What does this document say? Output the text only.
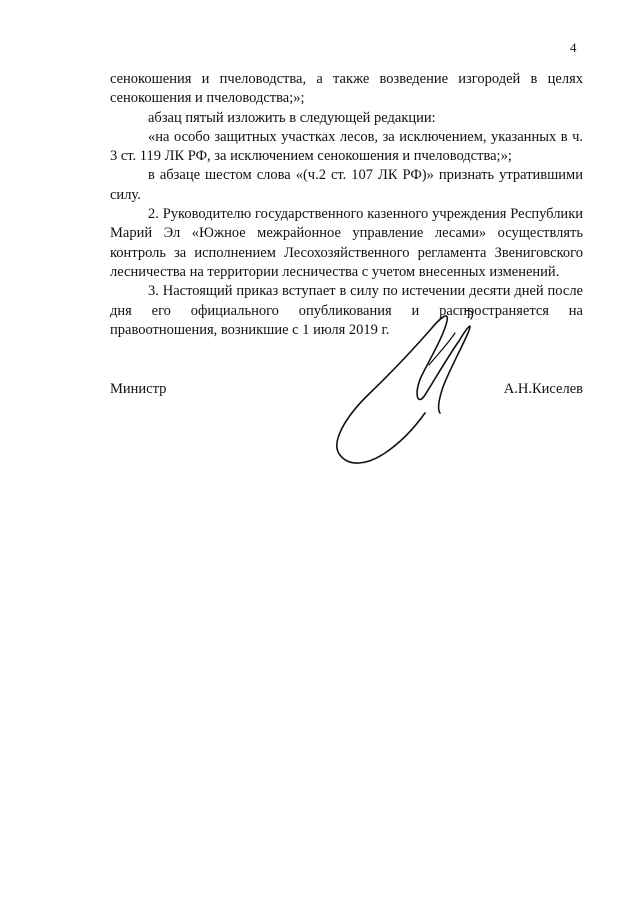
4

сенокошения и пчеловодства, а также возведение изгородей в целях сенокошения и пчеловодства;»;

абзац пятый изложить в следующей редакции:

«на особо защитных участках лесов, за исключением, указанных в ч. 3 ст. 119 ЛК РФ, за исключением сенокошения и пчеловодства;»;

в абзаце шестом слова «(ч.2 ст. 107 ЛК РФ)» признать утратившими силу.

2. Руководителю государственного казенного учреждения Республики Марий Эл «Южное межрайонное управление лесами» осуществлять контроль за исполнением Лесохозяйственного регламента Звениговского лесничества на территории лесничества с учетом внесенных изменений.

3. Настоящий приказ вступает в силу по истечении десяти дней после дня его официального опубликования и распространяется на правоотношения, возникшие с 1 июля 2019 г.

Министр	А.Н.Киселев
